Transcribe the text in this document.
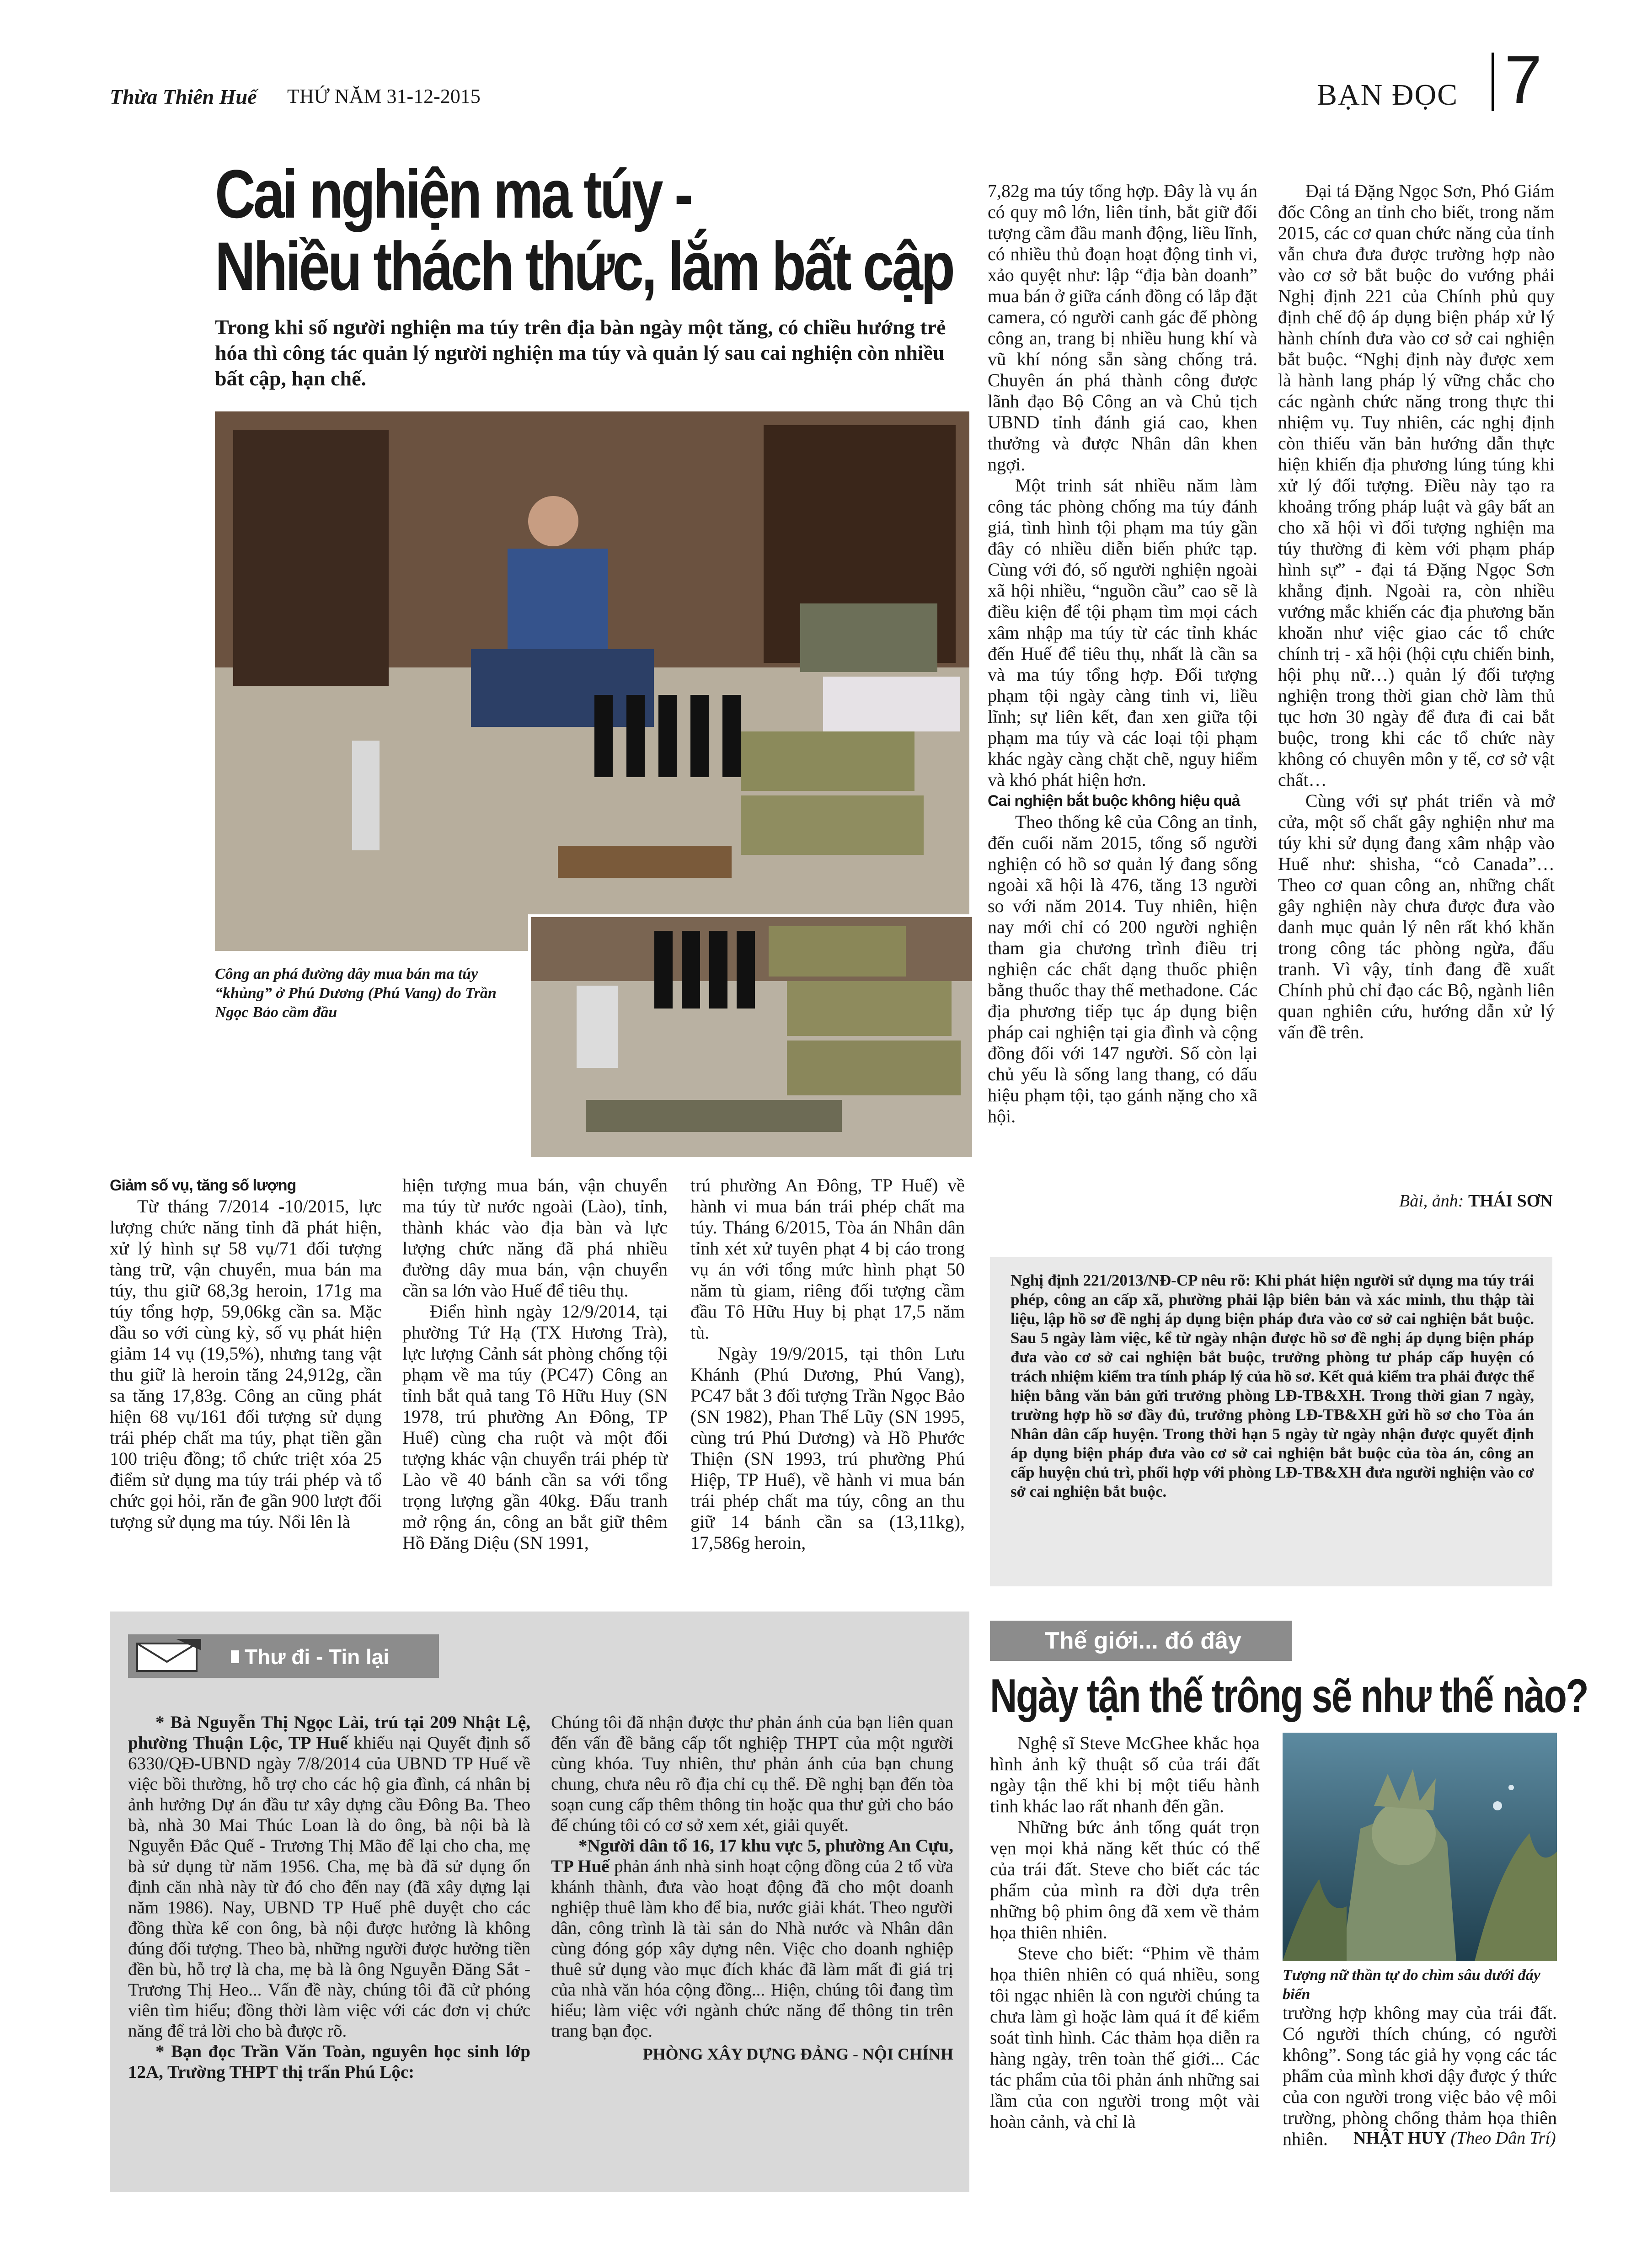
Thừa Thiên Huế THỨ NĂM 31-12-2015	BẠN ĐỌC 7
Cai nghiện ma túy -
Nhiều thách thức, lắm bất cập
Trong khi số người nghiện ma túy trên địa bàn ngày một tăng, có chiều hướng trẻ hóa thì công tác quản lý người nghiện ma túy và quản lý sau cai nghiện còn nhiều bất cập, hạn chế.
Công an phá đường dây mua bán ma túy “khủng” ở Phú Dương (Phú Vang) do Trần Ngọc Bảo cầm đầu
Giảm số vụ, tăng số lượng

Từ tháng 7/2014 -10/2015, lực lượng chức năng tỉnh đã phát hiện, xử lý hình sự 58 vụ/71 đối tượng tàng trữ, vận chuyển, mua bán ma túy, thu giữ 68,3g heroin, 171g ma túy tổng hợp, 59,06kg cần sa. Mặc dầu so với cùng kỳ, số vụ phát hiện giảm 14 vụ (19,5%), nhưng tang vật thu giữ là heroin tăng 24,912g, cần sa tăng 17,83g. Công an cũng phát hiện 68 vụ/161 đối tượng sử dụng trái phép chất ma túy, phạt tiền gần 100 triệu đồng; tổ chức triệt xóa 25 điểm sử dụng ma túy trái phép và tổ chức gọi hỏi, răn đe gần 900 lượt đối tượng sử dụng ma túy. Nổi lên là

hiện tượng mua bán, vận chuyển ma túy từ nước ngoài (Lào), tỉnh, thành khác vào địa bàn và lực lượng chức năng đã phá nhiều đường dây mua bán, vận chuyển cần sa lớn vào Huế để tiêu thụ.

Điển hình ngày 12/9/2014, tại phường Tứ Hạ (TX Hương Trà), lực lượng Cảnh sát phòng chống tội phạm về ma túy (PC47) Công an tỉnh bắt quả tang Tô Hữu Huy (SN 1978, trú phường An Đông, TP Huế) cùng cha ruột và một đối tượng khác vận chuyển trái phép từ Lào về 40 bánh cần sa với tổng trọng lượng gần 40kg. Đấu tranh mở rộng án, công an bắt giữ thêm Hồ Đăng Diệu (SN 1991,

trú phường An Đông, TP Huế) về hành vi mua bán trái phép chất ma túy. Tháng 6/2015, Tòa án Nhân dân tỉnh xét xử tuyên phạt 4 bị cáo trong vụ án với tổng mức hình phạt 50 năm tù giam, riêng đối tượng cầm đầu Tô Hữu Huy bị phạt 17,5 năm tù.

Ngày 19/9/2015, tại thôn Lưu Khánh (Phú Dương, Phú Vang), PC47 bắt 3 đối tượng Trần Ngọc Bảo (SN 1982), Phan Thế Lũy (SN 1995, cùng trú Phú Dương) và Hồ Phước Thiện (SN 1993, trú phường Phú Hiệp, TP Huế), về hành vi mua bán trái phép chất ma túy, công an thu giữ 14 bánh cần sa (13,11kg), 17,586g heroin,

7,82g ma túy tổng hợp. Đây là vụ án có quy mô lớn, liên tỉnh, bắt giữ đối tượng cầm đầu manh động, liều lĩnh, có nhiều thủ đoạn hoạt động tinh vi, xảo quyệt như: lập “địa bàn doanh” mua bán ở giữa cánh đồng có lắp đặt camera, có người canh gác để phòng công an, trang bị nhiều hung khí và vũ khí nóng sẵn sàng chống trả. Chuyên án phá thành công được lãnh đạo Bộ Công an và Chủ tịch UBND tỉnh đánh giá cao, khen thưởng và được Nhân dân khen ngợi.

Một trinh sát nhiều năm làm công tác phòng chống ma túy đánh giá, tình hình tội phạm ma túy gần đây có nhiều diễn biến phức tạp. Cùng với đó, số người nghiện ngoài xã hội nhiều, “nguồn cầu” cao sẽ là điều kiện để tội phạm tìm mọi cách xâm nhập ma túy từ các tỉnh khác đến Huế để tiêu thụ, nhất là cần sa và ma túy tổng hợp. Đối tượng phạm tội ngày càng tinh vi, liều lĩnh; sự liên kết, đan xen giữa tội phạm ma túy và các loại tội phạm khác ngày càng chặt chẽ, nguy hiểm và khó phát hiện hơn.

Cai nghiện bắt buộc không hiệu quả

Theo thống kê của Công an tỉnh, đến cuối năm 2015, tổng số người nghiện có hồ sơ quản lý đang sống ngoài xã hội là 476, tăng 13 người so với năm 2014. Tuy nhiên, hiện nay mới chỉ có 200 người nghiện tham gia chương trình điều trị nghiện các chất dạng thuốc phiện bằng thuốc thay thế methadone. Các địa phương tiếp tục áp dụng biện pháp cai nghiện tại gia đình và cộng đồng đối với 147 người. Số còn lại chủ yếu là sống lang thang, có dấu hiệu phạm tội, tạo gánh nặng cho xã hội.

Đại tá Đặng Ngọc Sơn, Phó Giám đốc Công an tỉnh cho biết, trong năm 2015, các cơ quan chức năng của tỉnh vẫn chưa đưa được trường hợp nào vào cơ sở bắt buộc do vướng phải Nghị định 221 của Chính phủ quy định chế độ áp dụng biện pháp xử lý hành chính đưa vào cơ sở cai nghiện bắt buộc. “Nghị định này được xem là hành lang pháp lý vững chắc cho các ngành chức năng trong thực thi nhiệm vụ. Tuy nhiên, các nghị định còn thiếu văn bản hướng dẫn thực hiện khiến địa phương lúng túng khi xử lý đối tượng. Điều này tạo ra khoảng trống pháp luật và gây bất an cho xã hội vì đối tượng nghiện ma túy thường đi kèm với phạm pháp hình sự” - đại tá Đặng Ngọc Sơn khẳng định. Ngoài ra, còn nhiều vướng mắc khiến các địa phương băn khoăn như việc giao các tổ chức chính trị - xã hội (hội cựu chiến binh, hội phụ nữ…) quản lý đối tượng nghiện trong thời gian chờ làm thủ tục hơn 30 ngày để đưa đi cai bắt buộc, trong khi các tổ chức này không có chuyên môn y tế, cơ sở vật chất…

Cùng với sự phát triển và mở cửa, một số chất gây nghiện như ma túy khi sử dụng đang xâm nhập vào Huế như: shisha, “cỏ Canada”… Theo cơ quan công an, những chất gây nghiện này chưa được đưa vào danh mục quản lý nên rất khó khăn trong công tác phòng ngừa, đấu tranh. Vì vậy, tỉnh đang đề xuất Chính phủ chỉ đạo các Bộ, ngành liên quan nghiên cứu, hướng dẫn xử lý vấn đề trên.

Bài, ảnh: THÁI SƠN
Nghị định 221/2013/NĐ-CP nêu rõ: Khi phát hiện người sử dụng ma túy trái phép, công an cấp xã, phường phải lập biên bản và xác minh, thu thập tài liệu, lập hồ sơ đề nghị áp dụng biện pháp đưa vào cơ sở cai nghiện bắt buộc. Sau 5 ngày làm việc, kể từ ngày nhận được hồ sơ đề nghị áp dụng biện pháp đưa vào cơ sở cai nghiện bắt buộc, trưởng phòng tư pháp cấp huyện có trách nhiệm kiểm tra tính pháp lý của hồ sơ. Kết quả kiểm tra phải được thể hiện bằng văn bản gửi trưởng phòng LĐ-TB&XH. Trong thời gian 7 ngày, trường hợp hồ sơ đầy đủ, trưởng phòng LĐ-TB&XH gửi hồ sơ cho Tòa án Nhân dân cấp huyện. Trong thời hạn 5 ngày từ ngày nhận được quyết định áp dụng biện pháp đưa vào cơ sở cai nghiện bắt buộc của tòa án, công an cấp huyện chủ trì, phối hợp với phòng LĐ-TB&XH đưa người nghiện vào cơ sở cai nghiện bắt buộc.
Thư đi - Tin lại

* Bà Nguyễn Thị Ngọc Lài, trú tại 209 Nhật Lệ, phường Thuận Lộc, TP Huế khiếu nại Quyết định số 6330/QĐ-UBND ngày 7/8/2014 của UBND TP Huế về việc bồi thường, hỗ trợ cho các hộ gia đình, cá nhân bị ảnh hưởng Dự án đầu tư xây dựng cầu Đông Ba. Theo bà, nhà 30 Mai Thúc Loan là do ông, bà nội bà là Nguyễn Đắc Quế - Trương Thị Mão để lại cho cha, mẹ bà sử dụng từ năm 1956. Cha, mẹ bà đã sử dụng ổn định căn nhà này từ đó cho đến nay (đã xây dựng lại năm 1986). Nay, UBND TP Huế phê duyệt cho các đồng thừa kế con ông, bà nội được hưởng là không đúng đối tượng. Theo bà, những người được hưởng tiền đền bù, hỗ trợ là cha, mẹ bà là ông Nguyễn Đăng Sắt - Trương Thị Heo... Vấn đề này, chúng tôi đã cử phóng viên tìm hiểu; đồng thời làm việc với các đơn vị chức năng để trả lời cho bà được rõ.

* Bạn đọc Trần Văn Toàn, nguyên học sinh lớp 12A, Trường THPT thị trấn Phú Lộc:

Chúng tôi đã nhận được thư phản ánh của bạn liên quan đến vấn đề bằng cấp tốt nghiệp THPT của một người cùng khóa. Tuy nhiên, thư phản ánh của bạn chung chung, chưa nêu rõ địa chỉ cụ thể. Đề nghị bạn đến tòa soạn cung cấp thêm thông tin hoặc qua thư gửi cho báo để chúng tôi có cơ sở xem xét, giải quyết.

*Người dân tổ 16, 17 khu vực 5, phường An Cựu, TP Huế phản ánh nhà sinh hoạt cộng đồng của 2 tổ vừa khánh thành, đưa vào hoạt động đã cho một doanh nghiệp thuê làm kho để bia, nước giải khát. Theo người dân, công trình là tài sản do Nhà nước và Nhân dân cùng đóng góp xây dựng nên. Việc cho doanh nghiệp thuê sử dụng vào mục đích khác đã làm mất đi giá trị của nhà văn hóa cộng đồng... Hiện, chúng tôi đang tìm hiểu; làm việc với ngành chức năng để thông tin trên trang bạn đọc.

PHÒNG XÂY DỰNG ĐẢNG - NỘI CHÍNH
Thế giới... đó đây
Ngày tận thế trông sẽ như thế nào?

Nghệ sĩ Steve McGhee khắc họa hình ảnh kỹ thuật số của trái đất ngày tận thế khi bị một tiểu hành tinh khác lao rất nhanh đến gần.

Những bức ảnh tổng quát trọn vẹn mọi khả năng kết thúc có thể của trái đất. Steve cho biết các tác phẩm của mình ra đời dựa trên những bộ phim ông đã xem về thảm họa thiên nhiên.

Steve cho biết: “Phim về thảm họa thiên nhiên có quá nhiều, song tôi ngạc nhiên là con người chúng ta chưa làm gì hoặc làm quá ít để kiểm soát tình hình. Các thảm họa diễn ra hàng ngày, trên toàn thế giới... Các tác phẩm của tôi phản ánh những sai lầm của con người trong một vài hoàn cảnh, và chỉ là

Tượng nữ thần tự do chìm sâu dưới đáy biển

trường hợp không may của trái đất. Có người thích chúng, có người không”. Song tác giả hy vọng các tác phẩm của mình khơi dậy được ý thức của con người trong việc bảo vệ môi trường, phòng chống thảm họa thiên nhiên.	NHẬT HUY (Theo Dân Trí)
